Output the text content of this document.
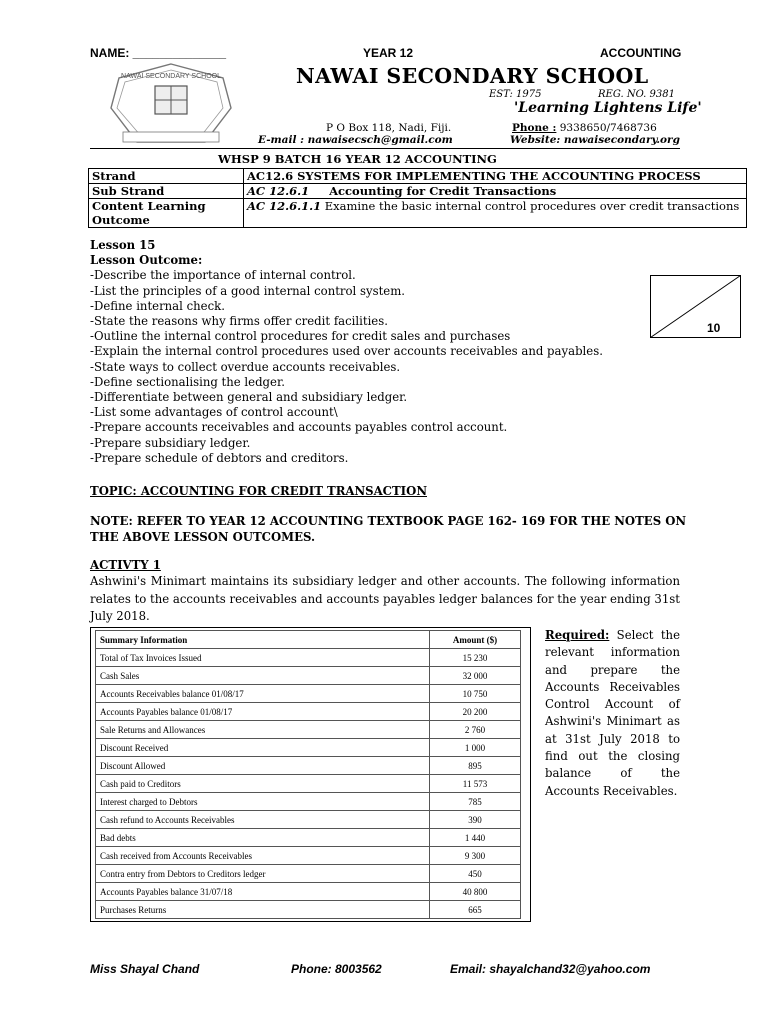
NAME: ______________	YEAR 12	ACCOUNTING
NAWAI SECONDARY SCHOOL	NAWAI SECONDARY SCHOOL
EST: 1975	REG. NO. 9381
'Learning Lightens Life'
P O Box 118, Nadi, Fiji.	Phone : 9338650/7468736
E-mail : nawaisecsch@gmail.com	Website: nawaisecondary.org
WHSP 9 BATCH 16 YEAR 12 ACCOUNTING
Strand	AC12.6 SYSTEMS FOR IMPLEMENTING THE ACCOUNTING PROCESS
Sub Strand	AC 12.6.1 Accounting for Credit Transactions
Content Learning Outcome	AC 12.6.1.1 Examine the basic internal control procedures over credit transactions
Lesson 15
Lesson Outcome:
-Describe the importance of internal control.
-List the principles of a good internal control system.
-Define internal check.
-State the reasons why firms offer credit facilities.
-Outline the internal control procedures for credit sales and purchases
-Explain the internal control procedures used over accounts receivables and payables.
-State ways to collect overdue accounts receivables.
-Define sectionalising the ledger.
-Differentiate between general and subsidiary ledger.
-List some advantages of control account\
-Prepare accounts receivables and accounts payables control account.
-Prepare subsidiary ledger.
-Prepare schedule of debtors and creditors.
10
TOPIC: ACCOUNTING FOR CREDIT TRANSACTION
NOTE: REFER TO YEAR 12 ACCOUNTING TEXTBOOK PAGE 162- 169 FOR THE NOTES ON THE ABOVE LESSON OUTCOMES.
ACTIVTY 1
Ashwini's Minimart maintains its subsidiary ledger and other accounts. The following information relates to the accounts receivables and accounts payables ledger balances for the year ending 31st July 2018.
Summary Information	Amount ($)
Total of Tax Invoices Issued	15 230
Cash Sales	32 000
Accounts Receivables balance 01/08/17	10 750
Accounts Payables balance 01/08/17	20 200
Sale Returns and Allowances	2 760
Discount Received	1 000
Discount Allowed	895
Cash paid to Creditors	11 573
Interest charged to Debtors	785
Cash refund to Accounts Receivables	390
Bad debts	1 440
Cash received from Accounts Receivables	9 300
Contra entry from Debtors to Creditors ledger	450
Accounts Payables balance 31/07/18	40 800
Purchases Returns	665
Required: Select the relevant information and prepare the Accounts Receivables Control Account of Ashwini's Minimart as at 31st July 2018 to find out the closing balance of the Accounts Receivables.
Miss Shayal Chand	Phone: 8003562	Email: shayalchand32@yahoo.com
